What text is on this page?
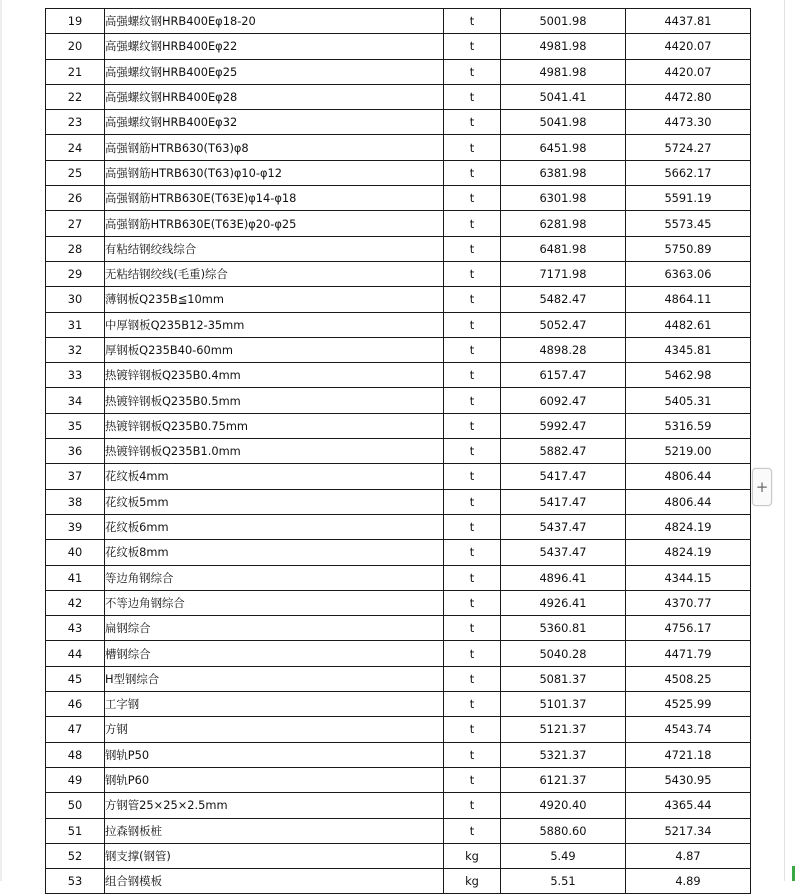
19	高强螺纹钢HRB400Eφ18-20	t	5001.98	4437.81
20	高强螺纹钢HRB400Eφ22	t	4981.98	4420.07
21	高强螺纹钢HRB400Eφ25	t	4981.98	4420.07
22	高强螺纹钢HRB400Eφ28	t	5041.41	4472.80
23	高强螺纹钢HRB400Eφ32	t	5041.98	4473.30
24	高强钢筋HTRB630(T63)φ8	t	6451.98	5724.27
25	高强钢筋HTRB630(T63)φ10-φ12	t	6381.98	5662.17
26	高强钢筋HTRB630E(T63E)φ14-φ18	t	6301.98	5591.19
27	高强钢筋HTRB630E(T63E)φ20-φ25	t	6281.98	5573.45
28	有粘结钢绞线综合	t	6481.98	5750.89
29	无粘结钢绞线(毛重)综合	t	7171.98	6363.06
30	薄钢板Q235B≦10mm	t	5482.47	4864.11
31	中厚钢板Q235B12-35mm	t	5052.47	4482.61
32	厚钢板Q235B40-60mm	t	4898.28	4345.81
33	热镀锌钢板Q235B0.4mm	t	6157.47	5462.98
34	热镀锌钢板Q235B0.5mm	t	6092.47	5405.31
35	热镀锌钢板Q235B0.75mm	t	5992.47	5316.59
36	热镀锌钢板Q235B1.0mm	t	5882.47	5219.00
37	花纹板4mm	t	5417.47	4806.44
38	花纹板5mm	t	5417.47	4806.44
39	花纹板6mm	t	5437.47	4824.19
40	花纹板8mm	t	5437.47	4824.19
41	等边角钢综合	t	4896.41	4344.15
42	不等边角钢综合	t	4926.41	4370.77
43	扁钢综合	t	5360.81	4756.17
44	槽钢综合	t	5040.28	4471.79
45	H型钢综合	t	5081.37	4508.25
46	工字钢	t	5101.37	4525.99
47	方钢	t	5121.37	4543.74
48	钢轨P50	t	5321.37	4721.18
49	钢轨P60	t	6121.37	5430.95
50	方钢管25×25×2.5mm	t	4920.40	4365.44
51	拉森钢板桩	t	5880.60	5217.34
52	钢支撑(钢管)	kg	5.49	4.87
53	组合钢模板	kg	5.51	4.89
+
